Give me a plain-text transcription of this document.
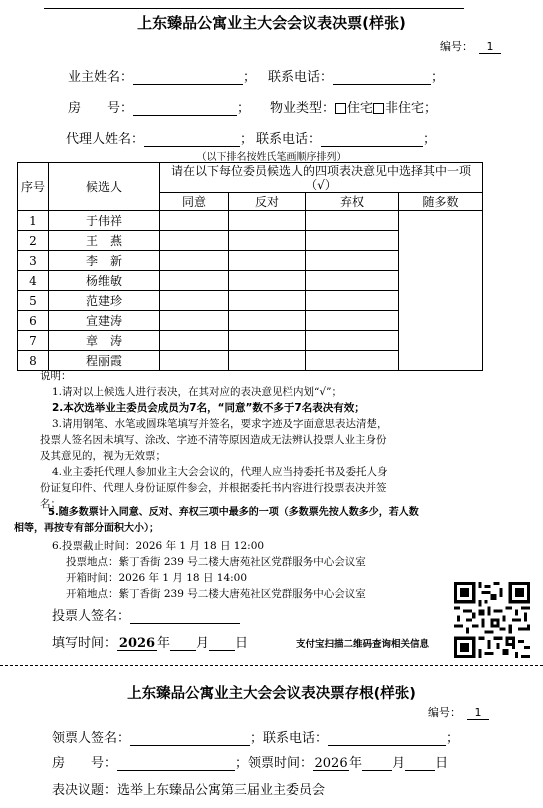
上东臻品公寓业主大会会议表决票(样张)
编号： 1
业主姓名：	； 联系电话：	；
房　　号：	； 物业类型： 住宅 非住宅；
代理人姓名：	； 联系电话：	；
（以下排名按姓氏笔画顺序排列）
序号	候选人	请在以下每位委员候选人的四项表决意见中选择其中一项（√）			
		同意	反对	弃权	随多数
1	于伟祥				
2	王　燕				
3	李　新				
4	杨维敏				
5	范建珍				
6	宣建涛				
7	章　涛				
8	程丽霞				
说明：
1.请对以上候选人进行表决，在其对应的表决意见栏内划“√”；
2.本次选举业主委员会成员为7名，“同意”数不多于7名表决有效；
3.请用钢笔、水笔或圆珠笔填写并签名，要求字迹及字面意思表达清楚，
投票人签名因未填写、涂改、字迹不清等原因造成无法辨认投票人业主身份
及其意见的，视为无效票；
4.业主委托代理人参加业主大会会议的，代理人应当持委托书及委托人身
份证复印件、代理人身份证原件参会，并根据委托书内容进行投票表决并签
名；
5.随多数票计入同意、反对、弃权三项中最多的一项（多数票先按人数多少，若人数
相等，再按专有部分面积大小）；
6.投票截止时间：2026 年 1 月 18 日 12:00
投票地点：紫丁香街 239 号二楼大唐苑社区党群服务中心会议室
开箱时间：2026 年 1 月 18 日 14:00
开箱地点：紫丁香街 239 号二楼大唐苑社区党群服务中心会议室
投票人签名：
填写时间： 2026 年 月 日	支付宝扫描二维码查询相关信息
上东臻品公寓业主大会会议表决票存根(样张)
编号： 1
领票人签名：	；联系电话：	；
房　　号：	；领票时间：2026年 月 日
表决议题：选举上东臻品公寓第三届业主委员会
